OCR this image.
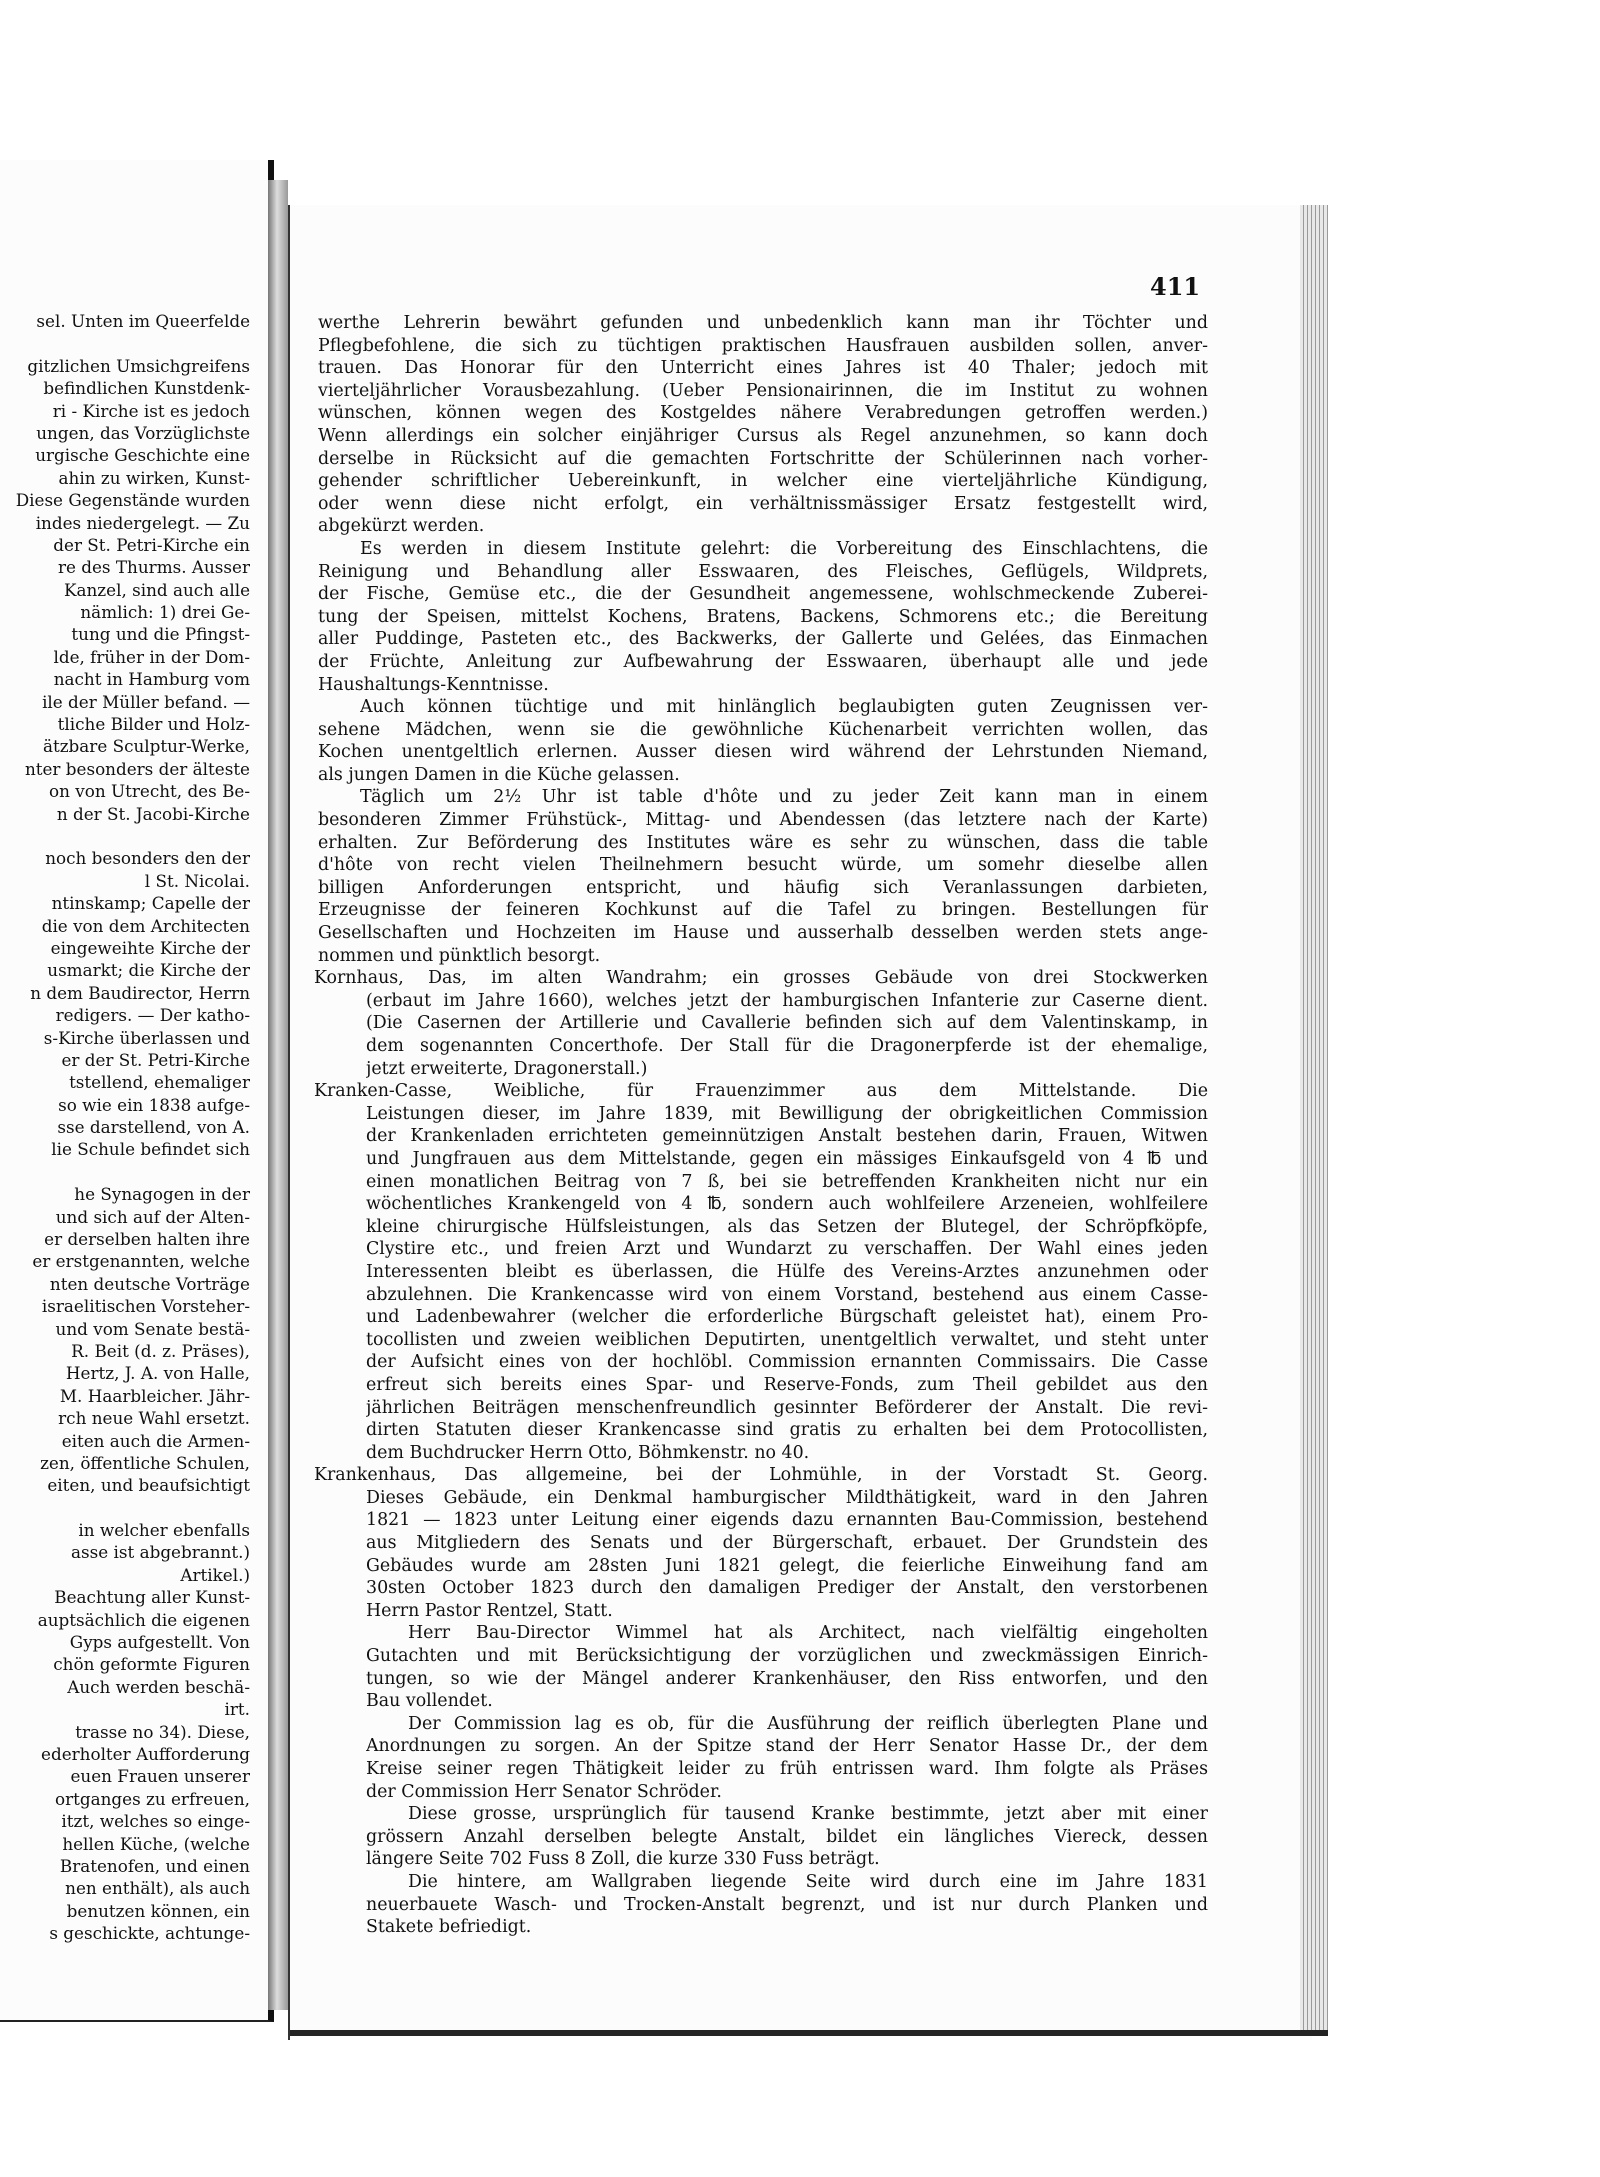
sel. Unten im Queerfelde
gitzlichen Umsichgreifens
befindlichen Kunstdenk-
ri - Kirche ist es jedoch
ungen, das Vorzüglichste
urgische Geschichte eine
ahin zu wirken, Kunst-
Diese Gegenstände wurden
indes niedergelegt. — Zu
der St. Petri-Kirche ein
re des Thurms. Ausser
Kanzel, sind auch alle
nämlich: 1) drei Ge-
tung und die Pfingst-
lde, früher in der Dom-
nacht in Hamburg vom
ile der Müller befand. —
tliche Bilder und Holz-
ätzbare Sculptur-Werke,
nter besonders der älteste
on von Utrecht, des Be-
n der St. Jacobi-Kirche
noch besonders den der
l St. Nicolai.
ntinskamp; Capelle der
die von dem Architecten
eingeweihte Kirche der
usmarkt; die Kirche der
n dem Baudirector, Herrn
redigers. — Der katho-
s-Kirche überlassen und
er der St. Petri-Kirche
tstellend, ehemaliger
so wie ein 1838 aufge-
sse darstellend, von A.
lie Schule befindet sich
he Synagogen in der
und sich auf der Alten-
er derselben halten ihre
er erstgenannten, welche
nten deutsche Vorträge
israelitischen Vorsteher-
und vom Senate bestä-
R. Beit (d. z. Präses),
Hertz, J. A. von Halle,
M. Haarbleicher. Jähr-
rch neue Wahl ersetzt.
eiten auch die Armen-
zen, öffentliche Schulen,
eiten, und beaufsichtigt
in welcher ebenfalls
asse ist abgebrannt.)
Artikel.)
Beachtung aller Kunst-
auptsächlich die eigenen
Gyps aufgestellt. Von
chön geformte Figuren
Auch werden beschä-
irt.
trasse no 34). Diese,
ederholter Aufforderung
euen Frauen unserer
ortganges zu erfreuen,
itzt, welches so einge-
hellen Küche, (welche
Bratenofen, und einen
nen enthält), als auch
benutzen können, ein
s geschickte, achtunge-
411
werthe Lehrerin bewährt gefunden und unbedenklich kann man ihr Töchter und
Pflegbefohlene, die sich zu tüchtigen praktischen Hausfrauen ausbilden sollen, anver-
trauen. Das Honorar für den Unterricht eines Jahres ist 40 Thaler; jedoch mit
vierteljährlicher Vorausbezahlung. (Ueber Pensionairinnen, die im Institut zu wohnen
wünschen, können wegen des Kostgeldes nähere Verabredungen getroffen werden.)
Wenn allerdings ein solcher einjähriger Cursus als Regel anzunehmen, so kann doch
derselbe in Rücksicht auf die gemachten Fortschritte der Schülerinnen nach vorher-
gehender schriftlicher Uebereinkunft, in welcher eine vierteljährliche Kündigung,
oder wenn diese nicht erfolgt, ein verhältnissmässiger Ersatz festgestellt wird,
abgekürzt werden.
Es werden in diesem Institute gelehrt: die Vorbereitung des Einschlachtens, die
Reinigung und Behandlung aller Esswaaren, des Fleisches, Geflügels, Wildprets,
der Fische, Gemüse etc., die der Gesundheit angemessene, wohlschmeckende Zuberei-
tung der Speisen, mittelst Kochens, Bratens, Backens, Schmorens etc.; die Bereitung
aller Puddinge, Pasteten etc., des Backwerks, der Gallerte und Gelées, das Einmachen
der Früchte, Anleitung zur Aufbewahrung der Esswaaren, überhaupt alle und jede
Haushaltungs-Kenntnisse.
Auch können tüchtige und mit hinlänglich beglaubigten guten Zeugnissen ver-
sehene Mädchen, wenn sie die gewöhnliche Küchenarbeit verrichten wollen, das
Kochen unentgeltlich erlernen. Ausser diesen wird während der Lehrstunden Niemand,
als jungen Damen in die Küche gelassen.
Täglich um 2½ Uhr ist table d'hôte und zu jeder Zeit kann man in einem
besonderen Zimmer Frühstück-, Mittag- und Abendessen (das letztere nach der Karte)
erhalten. Zur Beförderung des Institutes wäre es sehr zu wünschen, dass die table
d'hôte von recht vielen Theilnehmern besucht würde, um somehr dieselbe allen
billigen Anforderungen entspricht, und häufig sich Veranlassungen darbieten,
Erzeugnisse der feineren Kochkunst auf die Tafel zu bringen. Bestellungen für
Gesellschaften und Hochzeiten im Hause und ausserhalb desselben werden stets ange-
nommen und pünktlich besorgt.
Kornhaus, Das, im alten Wandrahm; ein grosses Gebäude von drei Stockwerken
(erbaut im Jahre 1660), welches jetzt der hamburgischen Infanterie zur Caserne dient.
(Die Casernen der Artillerie und Cavallerie befinden sich auf dem Valentinskamp, in
dem sogenannten Concerthofe. Der Stall für die Dragonerpferde ist der ehemalige,
jetzt erweiterte, Dragonerstall.)
Kranken-Casse, Weibliche, für Frauenzimmer aus dem Mittelstande. Die
Leistungen dieser, im Jahre 1839, mit Bewilligung der obrigkeitlichen Commission
der Krankenladen errichteten gemeinnützigen Anstalt bestehen darin, Frauen, Witwen
und Jungfrauen aus dem Mittelstande, gegen ein mässiges Einkaufsgeld von 4 ℔ und
einen monatlichen Beitrag von 7 ß, bei sie betreffenden Krankheiten nicht nur ein
wöchentliches Krankengeld von 4 ℔, sondern auch wohlfeilere Arzeneien, wohlfeilere
kleine chirurgische Hülfsleistungen, als das Setzen der Blutegel, der Schröpfköpfe,
Clystire etc., und freien Arzt und Wundarzt zu verschaffen. Der Wahl eines jeden
Interessenten bleibt es überlassen, die Hülfe des Vereins-Arztes anzunehmen oder
abzulehnen. Die Krankencasse wird von einem Vorstand, bestehend aus einem Casse-
und Ladenbewahrer (welcher die erforderliche Bürgschaft geleistet hat), einem Pro-
tocollisten und zweien weiblichen Deputirten, unentgeltlich verwaltet, und steht unter
der Aufsicht eines von der hochlöbl. Commission ernannten Commissairs. Die Casse
erfreut sich bereits eines Spar- und Reserve-Fonds, zum Theil gebildet aus den
jährlichen Beiträgen menschenfreundlich gesinnter Beförderer der Anstalt. Die revi-
dirten Statuten dieser Krankencasse sind gratis zu erhalten bei dem Protocollisten,
dem Buchdrucker Herrn Otto, Böhmkenstr. no 40.
Krankenhaus, Das allgemeine, bei der Lohmühle, in der Vorstadt St. Georg.
Dieses Gebäude, ein Denkmal hamburgischer Mildthätigkeit, ward in den Jahren
1821 — 1823 unter Leitung einer eigends dazu ernannten Bau-Commission, bestehend
aus Mitgliedern des Senats und der Bürgerschaft, erbauet. Der Grundstein des
Gebäudes wurde am 28sten Juni 1821 gelegt, die feierliche Einweihung fand am
30sten October 1823 durch den damaligen Prediger der Anstalt, den verstorbenen
Herrn Pastor Rentzel, Statt.
Herr Bau-Director Wimmel hat als Architect, nach vielfältig eingeholten
Gutachten und mit Berücksichtigung der vorzüglichen und zweckmässigen Einrich-
tungen, so wie der Mängel anderer Krankenhäuser, den Riss entworfen, und den
Bau vollendet.
Der Commission lag es ob, für die Ausführung der reiflich überlegten Plane und
Anordnungen zu sorgen. An der Spitze stand der Herr Senator Hasse Dr., der dem
Kreise seiner regen Thätigkeit leider zu früh entrissen ward. Ihm folgte als Präses
der Commission Herr Senator Schröder.
Diese grosse, ursprünglich für tausend Kranke bestimmte, jetzt aber mit einer
grössern Anzahl derselben belegte Anstalt, bildet ein längliches Viereck, dessen
längere Seite 702 Fuss 8 Zoll, die kurze 330 Fuss beträgt.
Die hintere, am Wallgraben liegende Seite wird durch eine im Jahre 1831
neuerbauete Wasch- und Trocken-Anstalt begrenzt, und ist nur durch Planken und
Stakete befriedigt.
